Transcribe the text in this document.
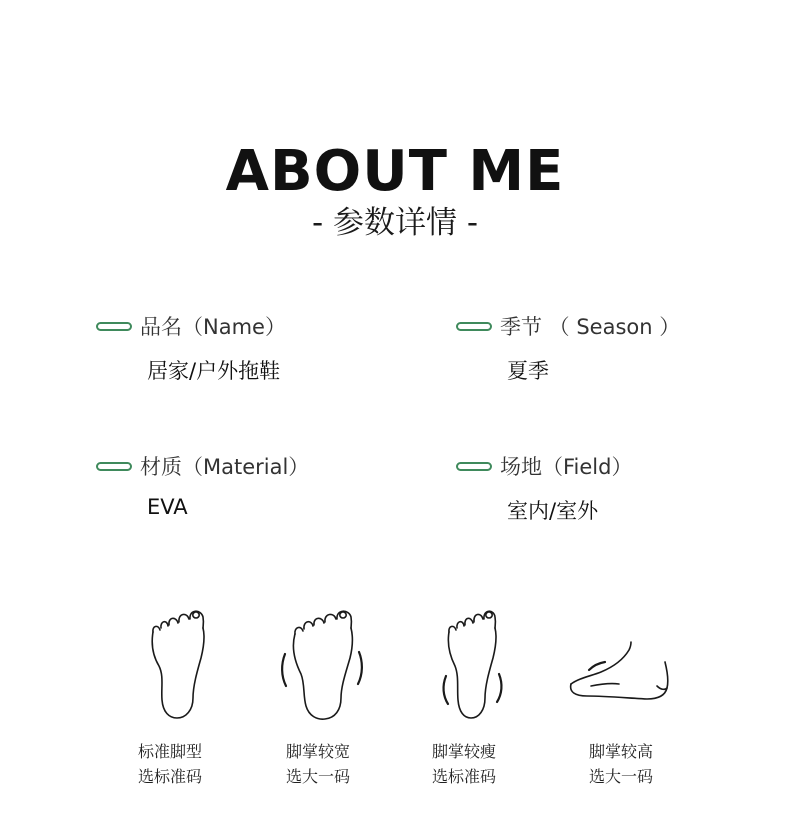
ABOUT ME
- 参数详情 -
品名（Name）
居家/户外拖鞋
季节 （ Season ）
夏季
材质（Material）
EVA
场地（Field）
室内/室外
标准脚型
选标准码
脚掌较宽
选大一码
脚掌较瘦
选标准码
脚掌较高
选大一码
